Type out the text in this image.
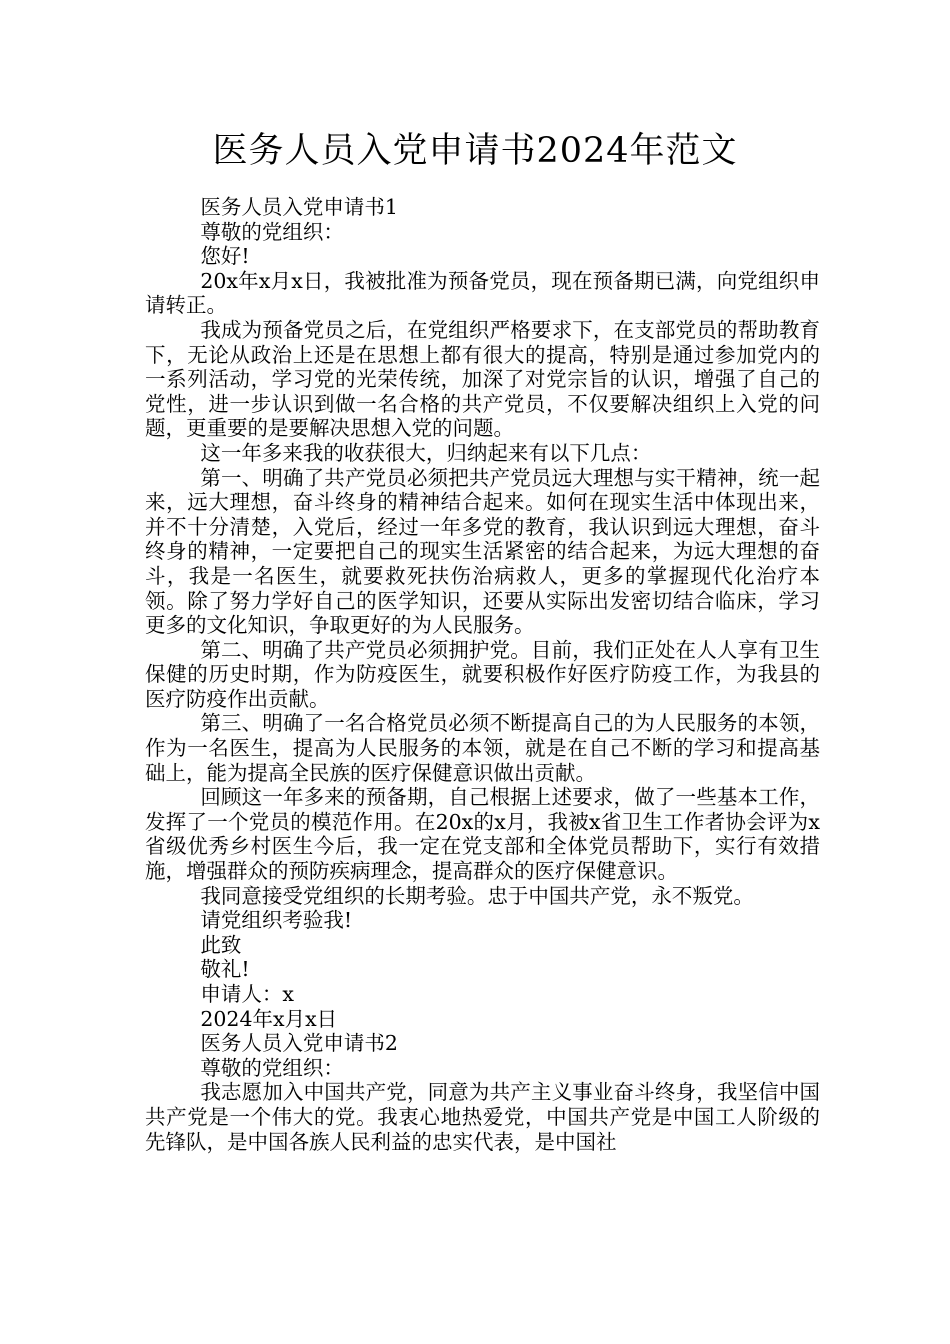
医务人员入党申请书2024年范文

医务人员入党申请书1

尊敬的党组织：

您好!

20x年x月x日，我被批准为预备党员，现在预备期已满，向党组织申请转正。

我成为预备党员之后，在党组织严格要求下，在支部党员的帮助教育下，无论从政治上还是在思想上都有很大的提高，特别是通过参加党内的一系列活动，学习党的光荣传统，加深了对党宗旨的认识，增强了自己的党性，进一步认识到做一名合格的共产党员，不仅要解决组织上入党的问题，更重要的是要解决思想入党的问题。

这一年多来我的收获很大，归纳起来有以下几点：

第一、明确了共产党员必须把共产党员远大理想与实干精神，统一起来，远大理想，奋斗终身的精神结合起来。如何在现实生活中体现出来，并不十分清楚，入党后，经过一年多党的教育，我认识到远大理想，奋斗终身的精神，一定要把自己的现实生活紧密的结合起来，为远大理想的奋斗，我是一名医生，就要救死扶伤治病救人，更多的掌握现代化治疗本领。除了努力学好自己的医学知识，还要从实际出发密切结合临床，学习更多的文化知识，争取更好的为人民服务。

第二、明确了共产党员必须拥护党。目前，我们正处在人人享有卫生保健的历史时期，作为防疫医生，就要积极作好医疗防疫工作，为我县的医疗防疫作出贡献。

第三、明确了一名合格党员必须不断提高自己的为人民服务的本领，作为一名医生，提高为人民服务的本领，就是在自己不断的学习和提高基础上，能为提高全民族的医疗保健意识做出贡献。

回顾这一年多来的预备期，自己根据上述要求，做了一些基本工作，发挥了一个党员的模范作用。在20x的x月，我被x省卫生工作者协会评为x省级优秀乡村医生今后，我一定在党支部和全体党员帮助下，实行有效措施，增强群众的预防疾病理念，提高群众的医疗保健意识。

我同意接受党组织的长期考验。忠于中国共产党，永不叛党。

请党组织考验我!

此致

敬礼!

申请人：x

2024年x月x日

医务人员入党申请书2

尊敬的党组织：

我志愿加入中国共产党，同意为共产主义事业奋斗终身，我坚信中国共产党是一个伟大的党。我衷心地热爱党，中国共产党是中国工人阶级的先锋队，是中国各族人民利益的忠实代表，是中国社
